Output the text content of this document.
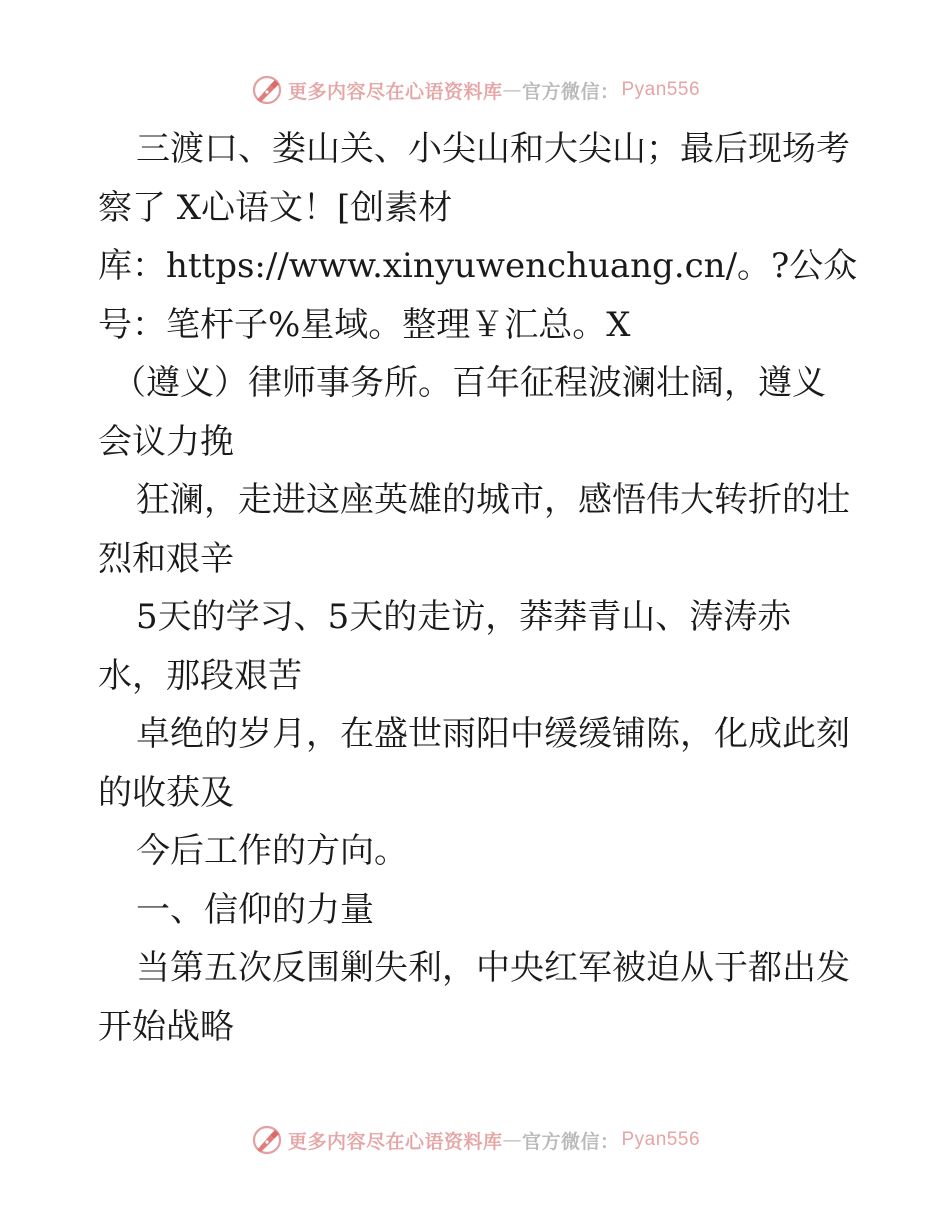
更多内容尽在心语资料库 — 官方微信： Pyan556
三渡口、娄山关、小尖山和大尖山；最后现场考
察了 X心语文！[创素材
库：https://www.xinyuwenchuang.cn/。?公众
号：笔杆子%星域。整理￥汇总。X
（遵义）律师事务所。百年征程波澜壮阔，遵义
会议力挽
狂澜，走进这座英雄的城市，感悟伟大转折的壮
烈和艰辛
5天的学习、5天的走访，莽莽青山、涛涛赤
水，那段艰苦
卓绝的岁月，在盛世雨阳中缓缓铺陈，化成此刻
的收获及
今后工作的方向。
一、信仰的力量
当第五次反围剿失利，中央红军被迫从于都出发
开始战略
更多内容尽在心语资料库 — 官方微信： Pyan556
